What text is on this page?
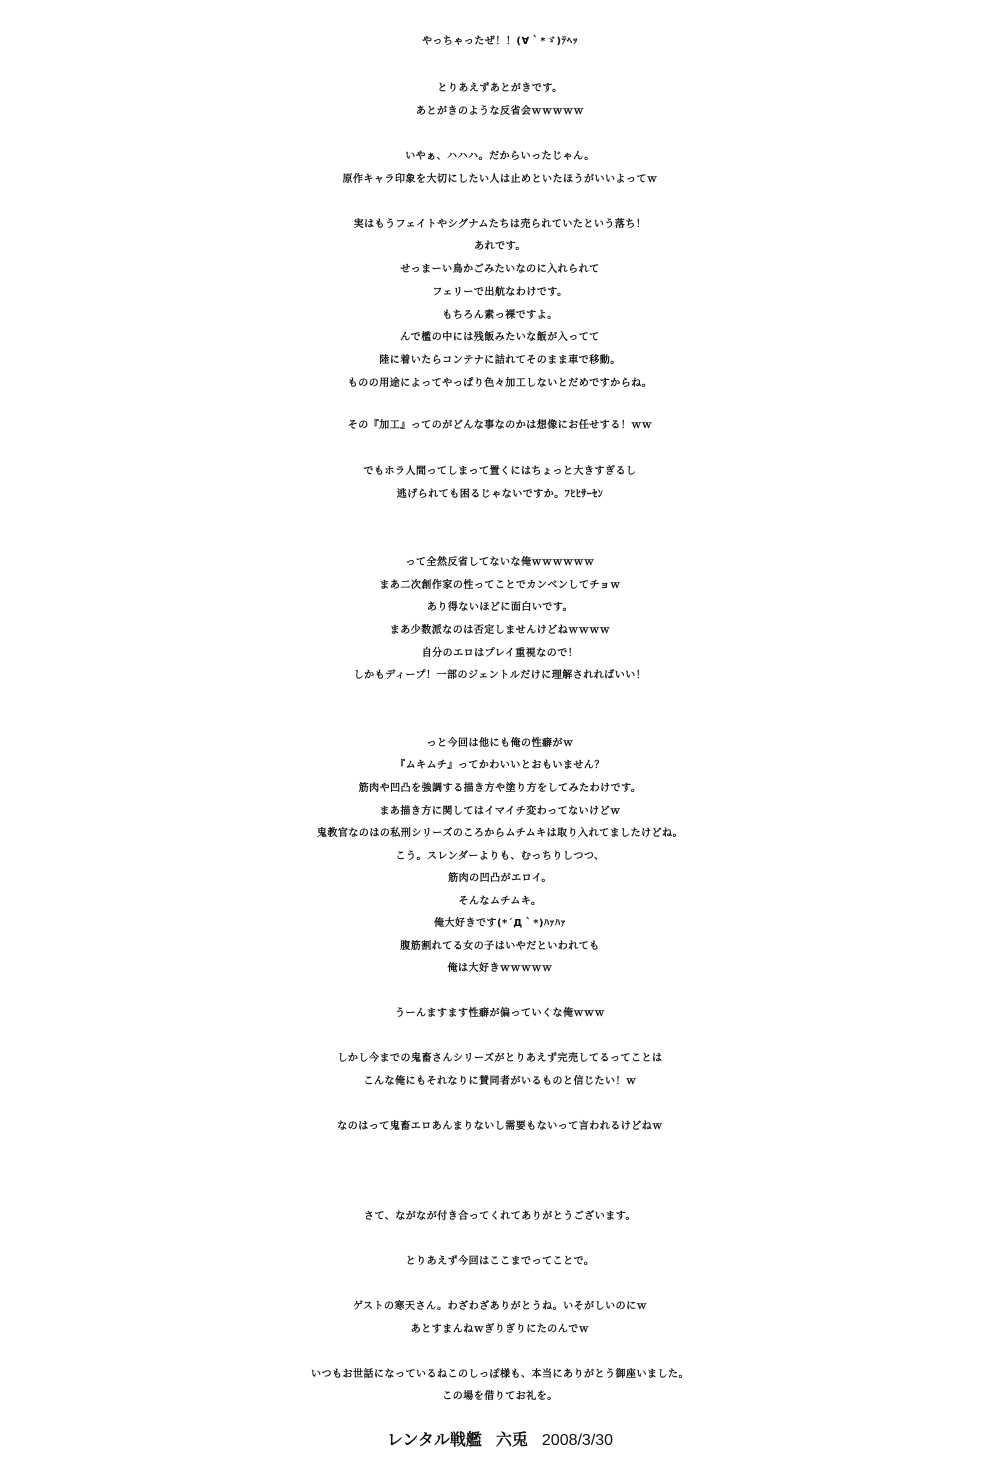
やっちゃったぜ！！(∀｀*ゞ)ﾃﾍｯ

とりあえずあとがきです。

あとがきのような反省会ｗｗｗｗｗ

いやぁ、ハハハ。だからいったじゃん。

原作キャラ印象を大切にしたい人は止めといたほうがいいよってｗ

実はもうフェイトやシグナムたちは売られていたという落ち！

あれです。

せっまーい鳥かごみたいなのに入れられて

フェリーで出航なわけです。

もちろん素っ裸ですよ。

んで檻の中には残飯みたいな飯が入ってて

陸に着いたらコンテナに詰れてそのまま車で移動。

ものの用途によってやっぱり色々加工しないとだめですからね。

その『加工』ってのがどんな事なのかは想像にお任せする！ｗｗ

でもホラ人間ってしまって置くにはちょっと大きすぎるし

逃げられても困るじゃないですか。ﾌﾋﾋｻｰｾﾝ

って全然反省してないな俺ｗｗｗｗｗｗ

まあ二次創作家の性ってことでカンベンしてチョｗ

あり得ないほどに面白いです。

まあ少数派なのは否定しませんけどねｗｗｗｗ

自分のエロはプレイ重視なので！

しかもディープ！一部のジェントルだけに理解されればいい！

っと今回は他にも俺の性癖がｗ

『ムキムチ』ってかわいいとおもいません？

筋肉や凹凸を強調する描き方や塗り方をしてみたわけです。

まあ描き方に関してはイマイチ変わってないけどｗ

鬼教官なのはの私刑シリーズのころからムチムキは取り入れてましたけどね。

こう。スレンダーよりも、むっちりしつつ、

筋肉の凹凸がエロイ。

そんなムチムキ。

俺大好きです(*´Д｀*)ﾊｧﾊｧ

腹筋割れてる女の子はいやだといわれても

俺は大好きｗｗｗｗｗ

うーんますます性癖が偏っていくな俺ｗｗｗ

しかし今までの鬼畜さんシリーズがとりあえず完売してるってことは

こんな俺にもそれなりに賛同者がいるものと信じたい！ｗ

なのはって鬼畜エロあんまりないし需要もないって言われるけどねｗ

さて、ながなが付き合ってくれてありがとうございます。

とりあえず今回はここまでってことで。

ゲストの寒天さん。わざわざありがとうね。いそがしいのにｗ

あとすまんねｗぎりぎりにたのんでｗ

いつもお世話になっているねこのしっぽ様も、本当にありがとう御座いました。

この場を借りてお礼を。

レンタル戦艦 六兎 2008/3/30
